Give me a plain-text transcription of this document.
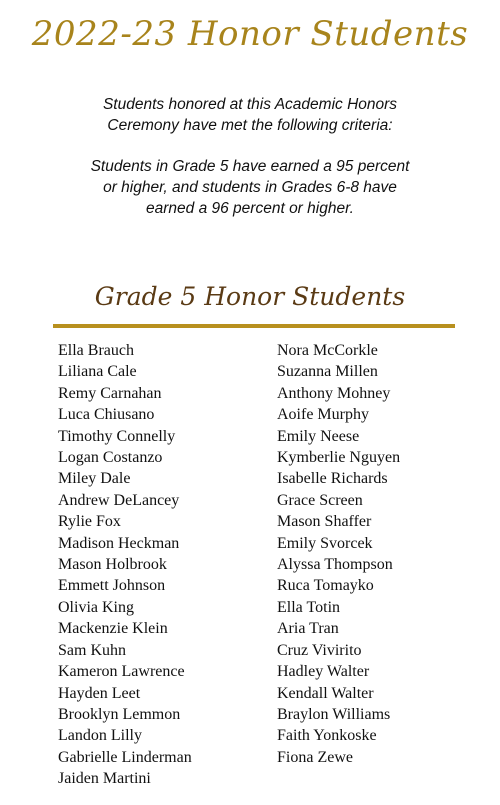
2022-23 Honor Students
Students honored at this Academic Honors
Ceremony have met the following criteria:
Students in Grade 5 have earned a 95 percent
or higher, and students in Grades 6-8 have
earned a 96 percent or higher.
Grade 5 Honor Students
Ella Brauch
Liliana Cale
Remy Carnahan
Luca Chiusano
Timothy Connelly
Logan Costanzo
Miley Dale
Andrew DeLancey
Rylie Fox
Madison Heckman
Mason Holbrook
Emmett Johnson
Olivia King
Mackenzie Klein
Sam Kuhn
Kameron Lawrence
Hayden Leet
Brooklyn Lemmon
Landon Lilly
Gabrielle Linderman
Jaiden Martini
Nora McCorkle
Suzanna Millen
Anthony Mohney
Aoife Murphy
Emily Neese
Kymberlie Nguyen
Isabelle Richards
Grace Screen
Mason Shaffer
Emily Svorcek
Alyssa Thompson
Ruca Tomayko
Ella Totin
Aria Tran
Cruz Vivirito
Hadley Walter
Kendall Walter
Braylon Williams
Faith Yonkoske
Fiona Zewe
